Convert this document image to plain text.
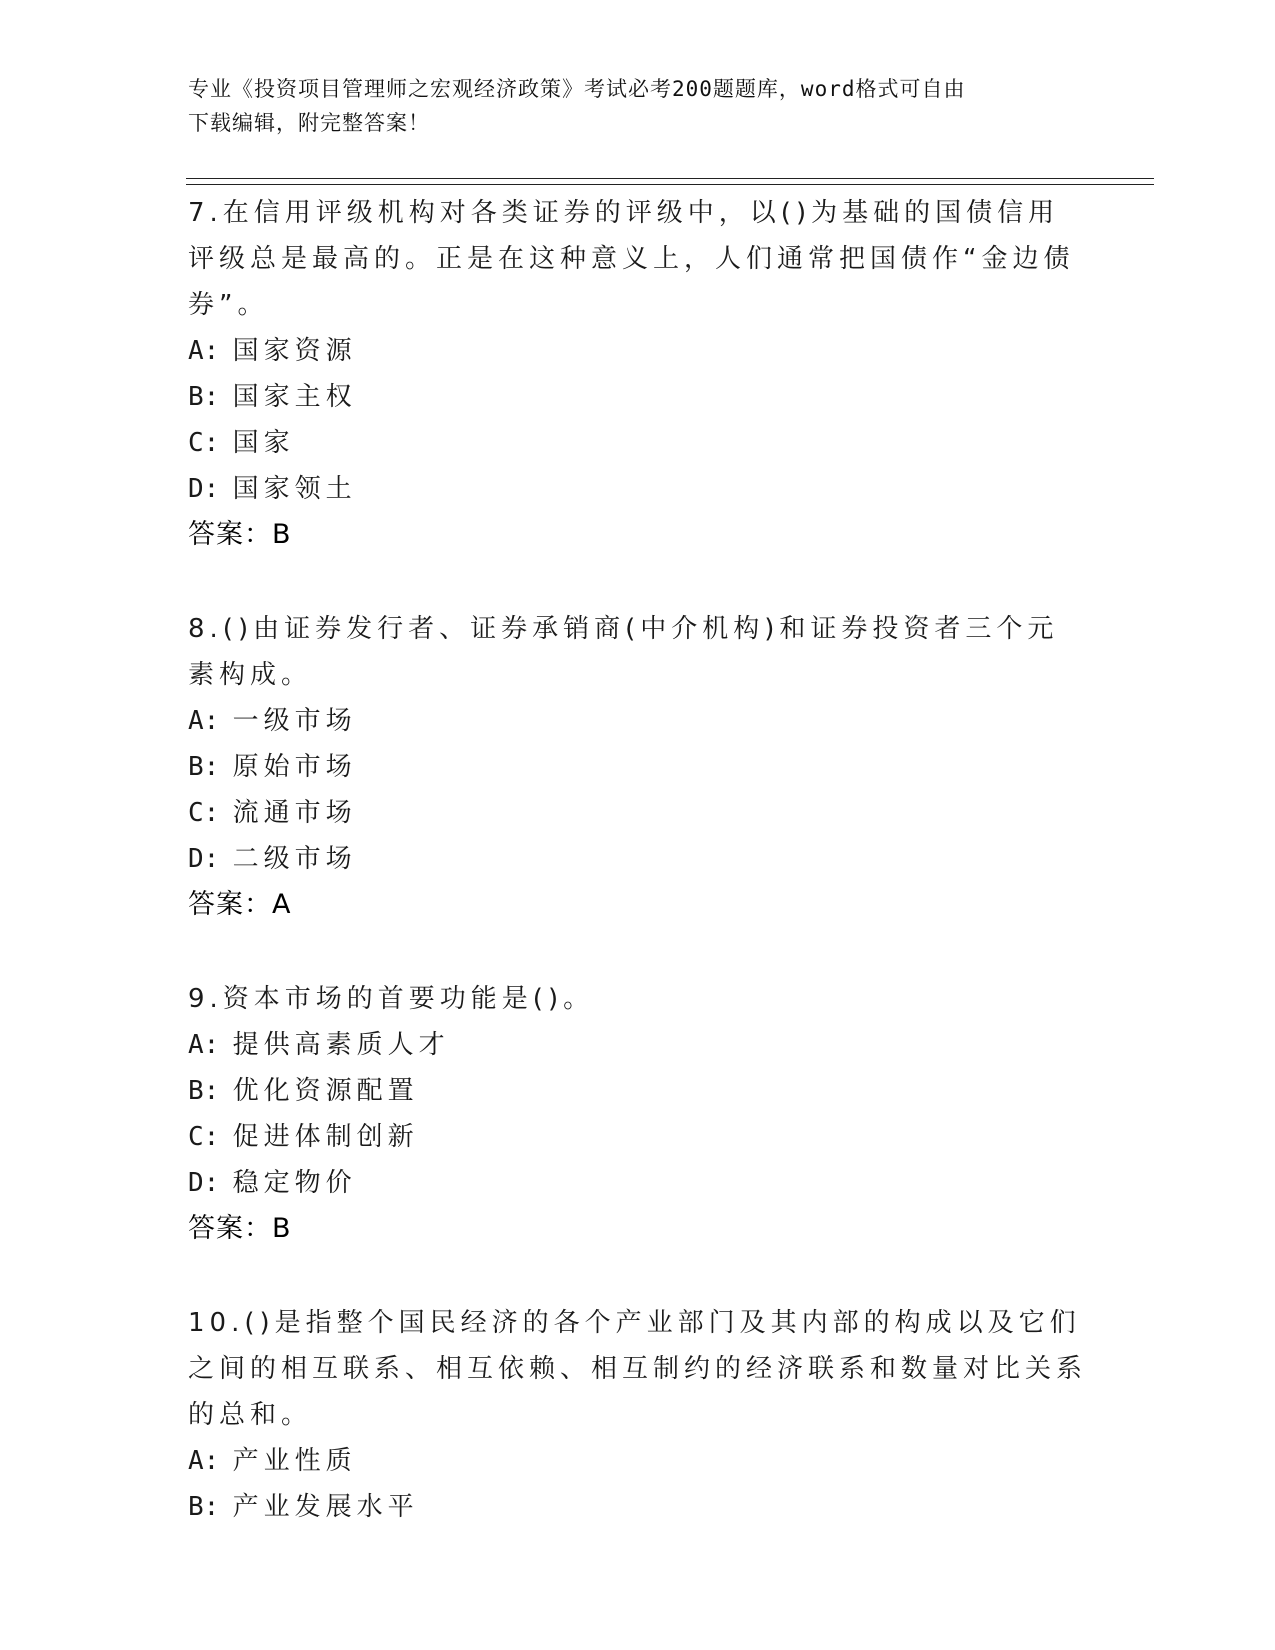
专业《投资项目管理师之宏观经济政策》考试必考200题题库，word格式可自由
下载编辑，附完整答案！
7.在信用评级机构对各类证券的评级中，以()为基础的国债信用评级总是最高的。正是在这种意义上，人们通常把国债作“金边债券”。
A: 国家资源
B: 国家主权
C: 国家
D: 国家领土
答案：B
8.()由证券发行者、证券承销商(中介机构)和证券投资者三个元素构成。
A: 一级市场
B: 原始市场
C: 流通市场
D: 二级市场
答案：A
9.资本市场的首要功能是()。
A: 提供高素质人才
B: 优化资源配置
C: 促进体制创新
D: 稳定物价
答案：B
10.()是指整个国民经济的各个产业部门及其内部的构成以及它们之间的相互联系、相互依赖、相互制约的经济联系和数量对比关系的总和。
A: 产业性质
B: 产业发展水平
